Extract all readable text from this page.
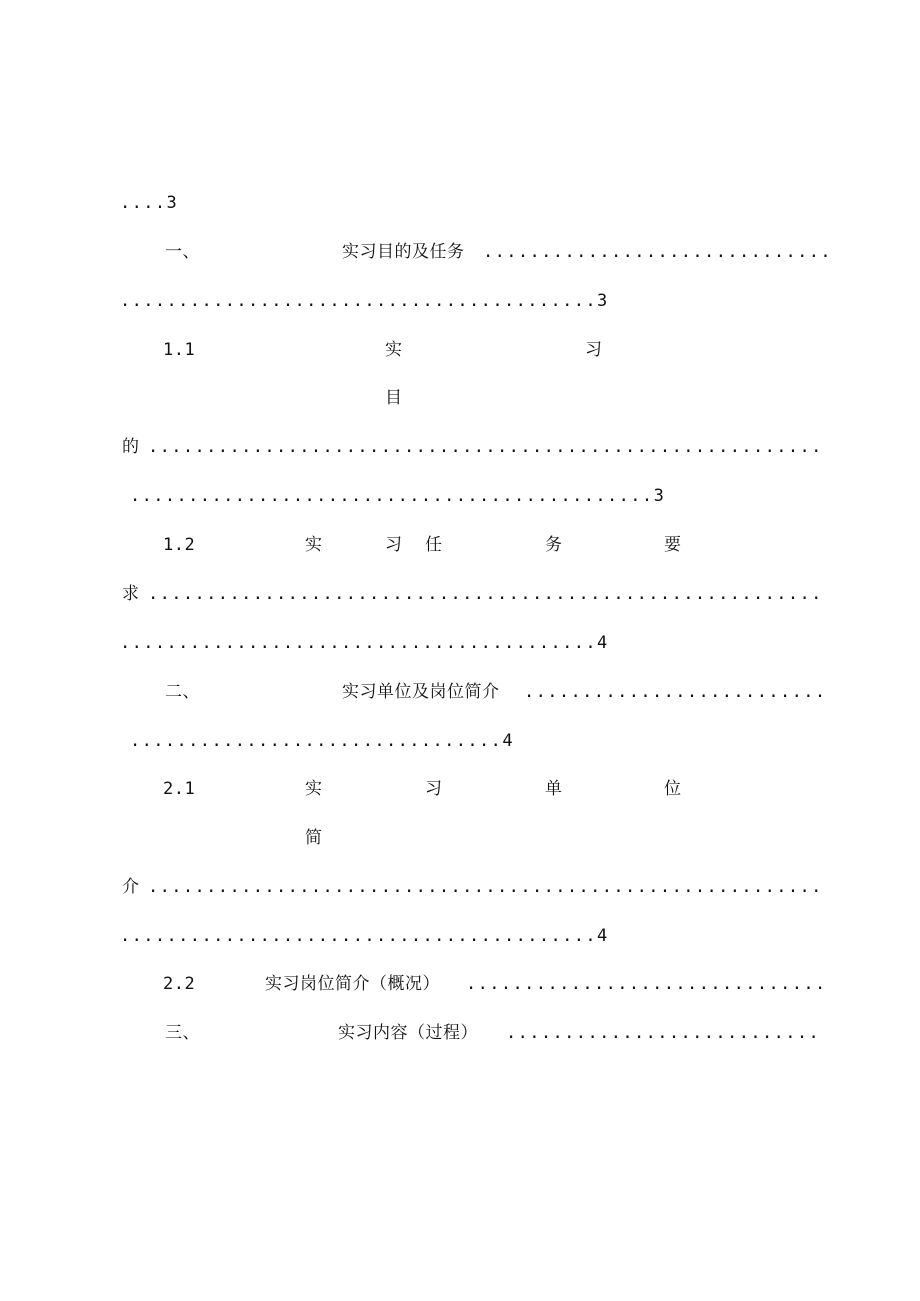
....3
一、	实习目的及任务 ..............................
.........................................3
1.1	实	习
目
的 ..........................................................
.............................................3
1.2	实	习 任	务	要
求 ..........................................................
.........................................4
二、	实习单位及岗位简介 ..........................
................................4
2.1	实	习	单	位
简
介 ..........................................................
.........................................4
2.2	实习岗位简介（概况） ...............................
三、	实习内容（过程） ...........................
